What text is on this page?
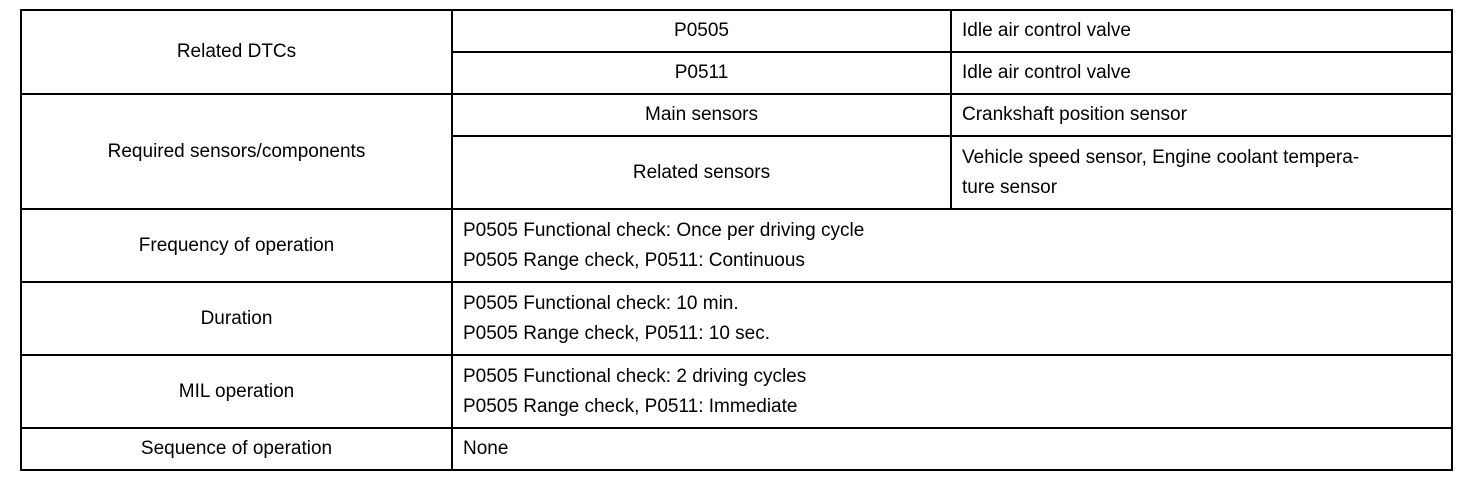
Related DTCs	P0505	Idle air control valve
	P0511	Idle air control valve
Required sensors/components	Main sensors	Crankshaft position sensor
	Related sensors	Vehicle speed sensor, Engine coolant tempera-
ture sensor

Frequency of operation	P0505 Functional check: Once per driving cycle
P0505 Range check, P0511: Continuous	

Duration	P0505 Functional check: 10 min.
P0505 Range check, P0511: 10 sec.	

MIL operation	P0505 Functional check: 2 driving cycles
P0505 Range check, P0511: Immediate	

Sequence of operation	None	
